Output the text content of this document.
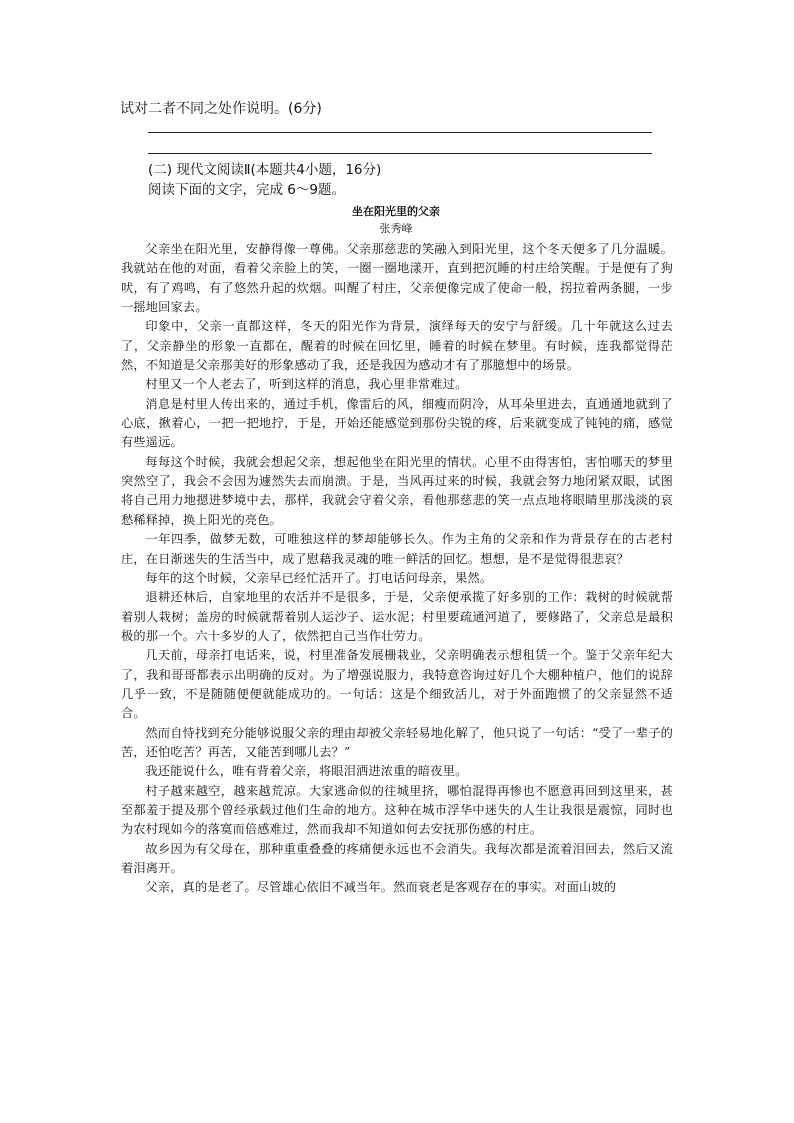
试对二者不同之处作说明。(6分)
(二) 现代文阅读Ⅱ(本题共4小题，16分)
阅读下面的文字，完成 6～9题。
坐在阳光里的父亲
张秀峰

父亲坐在阳光里，安静得像一尊佛。父亲那慈悲的笑融入到阳光里，这个冬天便多了几分温暖。我就站在他的对面，看着父亲脸上的笑，一圈一圈地漾开，直到把沉睡的村庄给笑醒。于是便有了狗吠，有了鸡鸣，有了悠然升起的炊烟。叫醒了村庄，父亲便像完成了使命一般，拐拉着两条腿，一步一摇地回家去。

印象中，父亲一直都这样，冬天的阳光作为背景，演绎每天的安宁与舒缓。几十年就这么过去了，父亲静坐的形象一直都在，醒着的时候在回忆里，睡着的时候在梦里。有时候，连我都觉得茫然，不知道是父亲那美好的形象感动了我，还是我因为感动才有了那臆想中的场景。

村里又一个人老去了，听到这样的消息，我心里非常难过。

消息是村里人传出来的，通过手机，像雷后的风，细瘦而阴冷，从耳朵里进去，直通通地就到了心底，揪着心，一把一把地拧，于是，开始还能感觉到那份尖锐的疼，后来就变成了钝钝的痛，感觉有些遥远。

每每这个时候，我就会想起父亲，想起他坐在阳光里的情状。心里不由得害怕，害怕哪天的梦里突然空了，我会不会因为遽然失去而崩溃。于是，当风再过来的时候，我就会努力地闭紧双眼，试图将自己用力地摁进梦境中去，那样，我就会守着父亲，看他那慈悲的笑一点点地将眼睛里那浅淡的哀愁稀释掉，换上阳光的亮色。

一年四季，做梦无数，可唯独这样的梦却能够长久。作为主角的父亲和作为背景存在的古老村庄，在日渐迷失的生活当中，成了慰藉我灵魂的唯一鲜活的回忆。想想，是不是觉得很悲哀？

每年的这个时候，父亲早已经忙活开了。打电话问母亲，果然。

退耕还林后，自家地里的农活并不是很多，于是，父亲便承揽了好多别的工作：栽树的时候就帮着别人栽树；盖房的时候就帮着别人运沙子、运水泥；村里要疏通河道了，要修路了，父亲总是最积极的那一个。六十多岁的人了，依然把自己当作壮劳力。

几天前，母亲打电话来，说，村里准备发展栅栽业，父亲明确表示想租赁一个。鉴于父亲年纪大了，我和哥哥都表示出明确的反对。为了增强说服力，我特意咨询过好几个大棚种植户，他们的说辞几乎一致，不是随随便便就能成功的。一句话：这是个细致活儿，对于外面跑惯了的父亲显然不适合。

然而自恃找到充分能够说服父亲的理由却被父亲轻易地化解了，他只说了一句话：“受了一辈子的苦，还怕吃苦？再苦，又能苦到哪儿去？”

我还能说什么，唯有背着父亲，将眼泪洒进浓重的暗夜里。

村子越来越空，越来越荒凉。大家逃命似的往城里挤，哪怕混得再惨也不愿意再回到这里来，甚至都羞于提及那个曾经承载过他们生命的地方。这种在城市浮华中迷失的人生让我很是震惊，同时也为农村现如今的落寞而倍感难过，然而我却不知道如何去安抚那伤感的村庄。

故乡因为有父母在，那种重重叠叠的疼痛便永远也不会消失。我每次都是流着泪回去，然后又流着泪离开。

父亲，真的是老了。尽管雄心依旧不减当年。然而衰老是客观存在的事实。对面山坡的
